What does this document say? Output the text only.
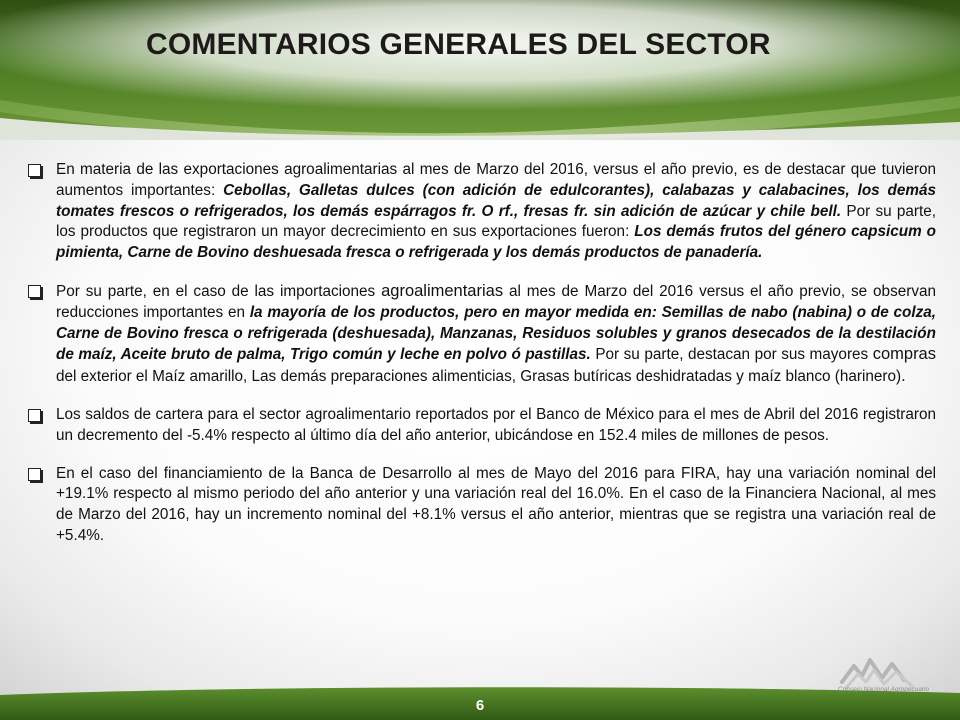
COMENTARIOS GENERALES DEL SECTOR
En materia de las exportaciones agroalimentarias al mes de Marzo del 2016, versus el año previo, es de destacar que tuvieron aumentos importantes: Cebollas, Galletas dulces (con adición de edulcorantes), calabazas y calabacines, los demás tomates frescos o refrigerados, los demás espárragos fr. O rf., fresas fr. sin adición de azúcar y chile bell. Por su parte, los productos que registraron un mayor decrecimiento en sus exportaciones fueron: Los demás frutos del género capsicum o pimienta, Carne de Bovino deshuesada fresca o refrigerada y los demás productos de panadería.
Por su parte, en el caso de las importaciones agroalimentarias al mes de Marzo del 2016 versus el año previo, se observan reducciones importantes en la mayoría de los productos, pero en mayor medida en: Semillas de nabo (nabina) o de colza, Carne de Bovino fresca o refrigerada (deshuesada), Manzanas, Residuos solubles y granos desecados de la destilación de maíz, Aceite bruto de palma, Trigo común y leche en polvo ó pastillas. Por su parte, destacan por sus mayores compras del exterior el Maíz amarillo, Las demás preparaciones alimenticias, Grasas butíricas deshidratadas y maíz blanco (harinero).
Los saldos de cartera para el sector agroalimentario reportados por el Banco de México para el mes de Abril del 2016 registraron un decremento del -5.4% respecto al último día del año anterior, ubicándose en 152.4 miles de millones de pesos.
En el caso del financiamiento de la Banca de Desarrollo al mes de Mayo del 2016 para FIRA, hay una variación nominal del +19.1% respecto al mismo periodo del año anterior y una variación real del 16.0%. En el caso de la Financiera Nacional, al mes de Marzo del 2016, hay un incremento nominal del +8.1% versus el año anterior, mientras que se registra una variación real de +5.4%.
Consejo Nacional Agropecuario
6
